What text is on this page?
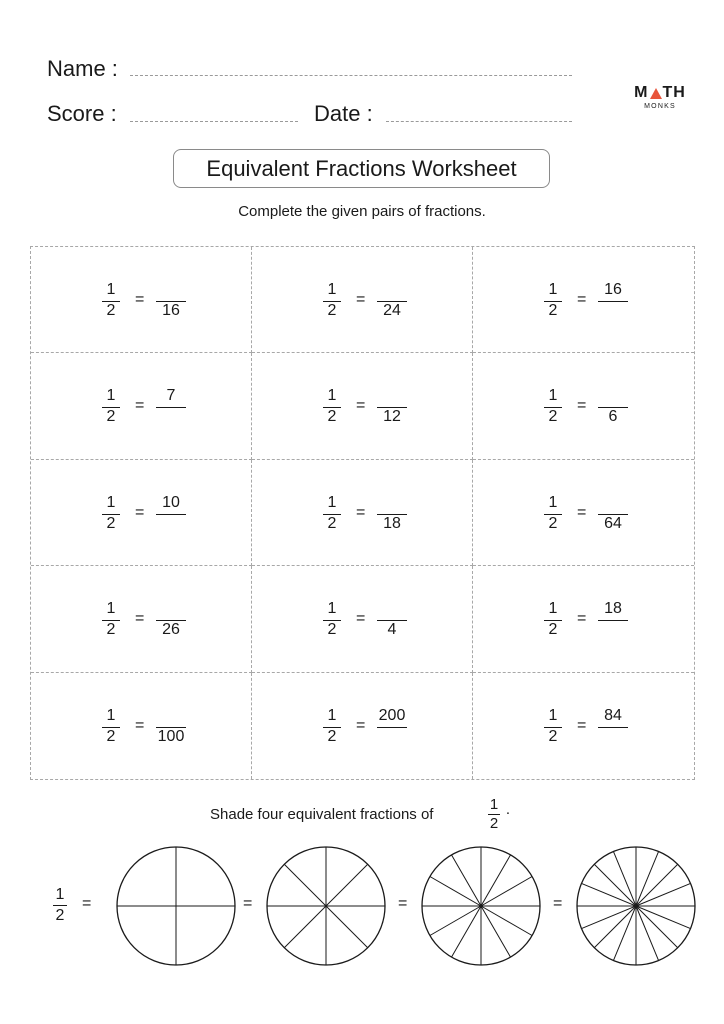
Name :
Score :	Date :
M TH
MONKS
Equivalent Fractions Worksheet
Complete the given pairs of fractions.
1
2
=
16
1
2
=
24
1
2
=
16
1
2
=
7	1
2
=
12
1
2
=
6
1
2
=
10	1
2
=
18
1
2
=
64
1
2
=
26
1
2
=
4
1
2
=
18
1
2
=
100
1
2
=
200	1
2
=
84
Shade four equivalent fractions of
1
2
.
1
2
=	=	=	=
